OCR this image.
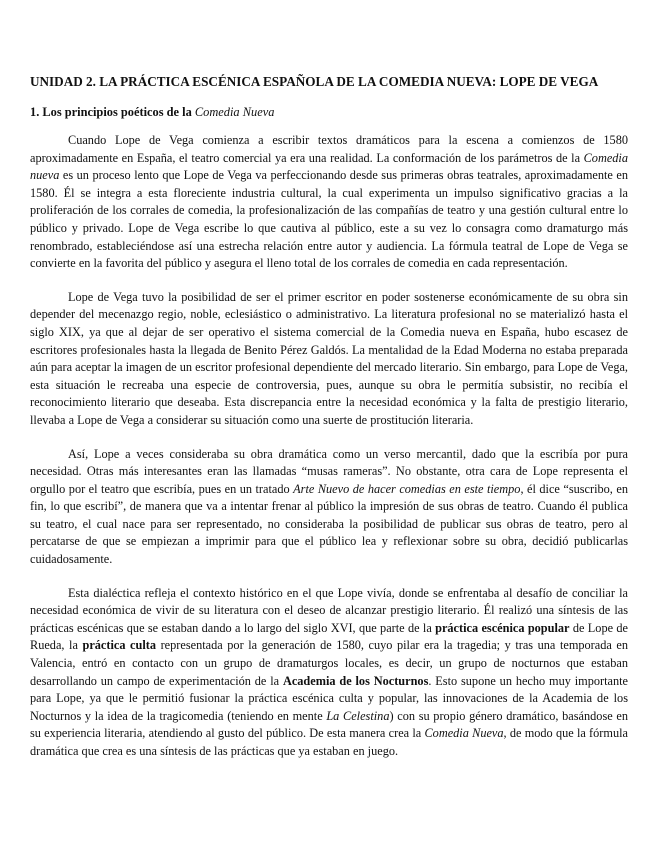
UNIDAD 2. LA PRÁCTICA ESCÉNICA ESPAÑOLA DE LA COMEDIA NUEVA: LOPE DE VEGA
1. Los principios poéticos de la Comedia Nueva

Cuando Lope de Vega comienza a escribir textos dramáticos para la escena a comienzos de 1580 aproximadamente en España, el teatro comercial ya era una realidad. La conformación de los parámetros de la Comedia nueva es un proceso lento que Lope de Vega va perfeccionando desde sus primeras obras teatrales, aproximadamente en 1580. Él se integra a esta floreciente industria cultural, la cual experimenta un impulso significativo gracias a la proliferación de los corrales de comedia, la profesionalización de las compañías de teatro y una gestión cultural entre lo público y privado. Lope de Vega escribe lo que cautiva al público, este a su vez lo consagra como dramaturgo más renombrado, estableciéndose así una estrecha relación entre autor y audiencia. La fórmula teatral de Lope de Vega se convierte en la favorita del público y asegura el lleno total de los corrales de comedia en cada representación.

Lope de Vega tuvo la posibilidad de ser el primer escritor en poder sostenerse económicamente de su obra sin depender del mecenazgo regio, noble, eclesiástico o administrativo. La literatura profesional no se materializó hasta el siglo XIX, ya que al dejar de ser operativo el sistema comercial de la Comedia nueva en España, hubo escasez de escritores profesionales hasta la llegada de Benito Pérez Galdós. La mentalidad de la Edad Moderna no estaba preparada aún para aceptar la imagen de un escritor profesional dependiente del mercado literario. Sin embargo, para Lope de Vega, esta situación le recreaba una especie de controversia, pues, aunque su obra le permitía subsistir, no recibía el reconocimiento literario que deseaba. Esta discrepancia entre la necesidad económica y la falta de prestigio literario, llevaba a Lope de Vega a considerar su situación como una suerte de prostitución literaria.

Así, Lope a veces consideraba su obra dramática como un verso mercantil, dado que la escribía por pura necesidad. Otras más interesantes eran las llamadas “musas rameras”. No obstante, otra cara de Lope representa el orgullo por el teatro que escribía, pues en un tratado Arte Nuevo de hacer comedias en este tiempo, él dice “suscribo, en fin, lo que escribí”, de manera que va a intentar frenar al público la impresión de sus obras de teatro. Cuando él publica su teatro, el cual nace para ser representado, no consideraba la posibilidad de publicar sus obras de teatro, pero al percatarse de que se empiezan a imprimir para que el público lea y reflexionar sobre su obra, decidió publicarlas cuidadosamente.

Esta dialéctica refleja el contexto histórico en el que Lope vivía, donde se enfrentaba al desafío de conciliar la necesidad económica de vivir de su literatura con el deseo de alcanzar prestigio literario. Él realizó una síntesis de las prácticas escénicas que se estaban dando a lo largo del siglo XVI, que parte de la práctica escénica popular de Lope de Rueda, la práctica culta representada por la generación de 1580, cuyo pilar era la tragedia; y tras una temporada en Valencia, entró en contacto con un grupo de dramaturgos locales, es decir, un grupo de nocturnos que estaban desarrollando un campo de experimentación de la Academia de los Nocturnos. Esto supone un hecho muy importante para Lope, ya que le permitió fusionar la práctica escénica culta y popular, las innovaciones de la Academia de los Nocturnos y la idea de la tragicomedia (teniendo en mente La Celestina) con su propio género dramático, basándose en su experiencia literaria, atendiendo al gusto del público. De esta manera crea la Comedia Nueva, de modo que la fórmula dramática que crea es una síntesis de las prácticas que ya estaban en juego.
